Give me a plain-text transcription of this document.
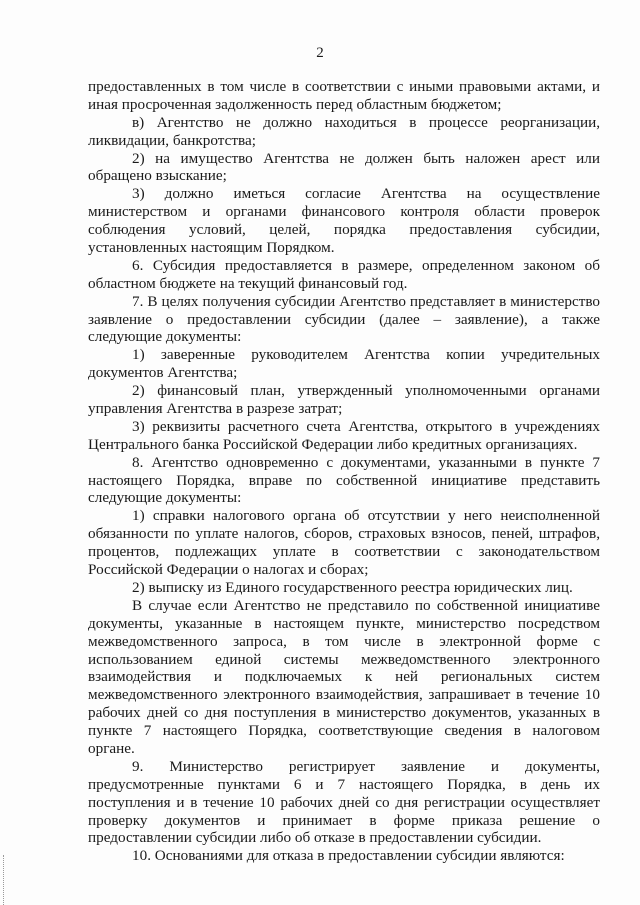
2
предоставленных в том числе в соответствии с иными правовыми актами, и
иная просроченная задолженность перед областным бюджетом;
в) Агентство не должно находиться в процессе реорганизации,
ликвидации, банкротства;
2) на имущество Агентства не должен быть наложен арест или
обращено взыскание;
3) должно иметься согласие Агентства на осуществление
министерством и органами финансового контроля области проверок
соблюдения условий, целей, порядка предоставления субсидии,
установленных настоящим Порядком.
6. Субсидия предоставляется в размере, определенном законом об
областном бюджете на текущий финансовый год.
7. В целях получения субсидии Агентство представляет в министерство
заявление о предоставлении субсидии (далее – заявление), а также
следующие документы:
1) заверенные руководителем Агентства копии учредительных
документов Агентства;
2) финансовый план, утвержденный уполномоченными органами
управления Агентства в разрезе затрат;
3) реквизиты расчетного счета Агентства, открытого в учреждениях
Центрального банка Российской Федерации либо кредитных организациях.
8. Агентство одновременно с документами, указанными в пункте 7
настоящего Порядка, вправе по собственной инициативе представить
следующие документы:
1) справки налогового органа об отсутствии у него неисполненной
обязанности по уплате налогов, сборов, страховых взносов, пеней, штрафов,
процентов, подлежащих уплате в соответствии с законодательством
Российской Федерации о налогах и сборах;
2) выписку из Единого государственного реестра юридических лиц.
В случае если Агентство не представило по собственной инициативе
документы, указанные в настоящем пункте, министерство посредством
межведомственного запроса, в том числе в электронной форме с
использованием единой системы межведомственного электронного
взаимодействия и подключаемых к ней региональных систем
межведомственного электронного взаимодействия, запрашивает в течение 10
рабочих дней со дня поступления в министерство документов, указанных в
пункте 7 настоящего Порядка, соответствующие сведения в налоговом
органе.
9. Министерство регистрирует заявление и документы,
предусмотренные пунктами 6 и 7 настоящего Порядка, в день их
поступления и в течение 10 рабочих дней со дня регистрации осуществляет
проверку документов и принимает в форме приказа решение о
предоставлении субсидии либо об отказе в предоставлении субсидии.
10. Основаниями для отказа в предоставлении субсидии являются:
